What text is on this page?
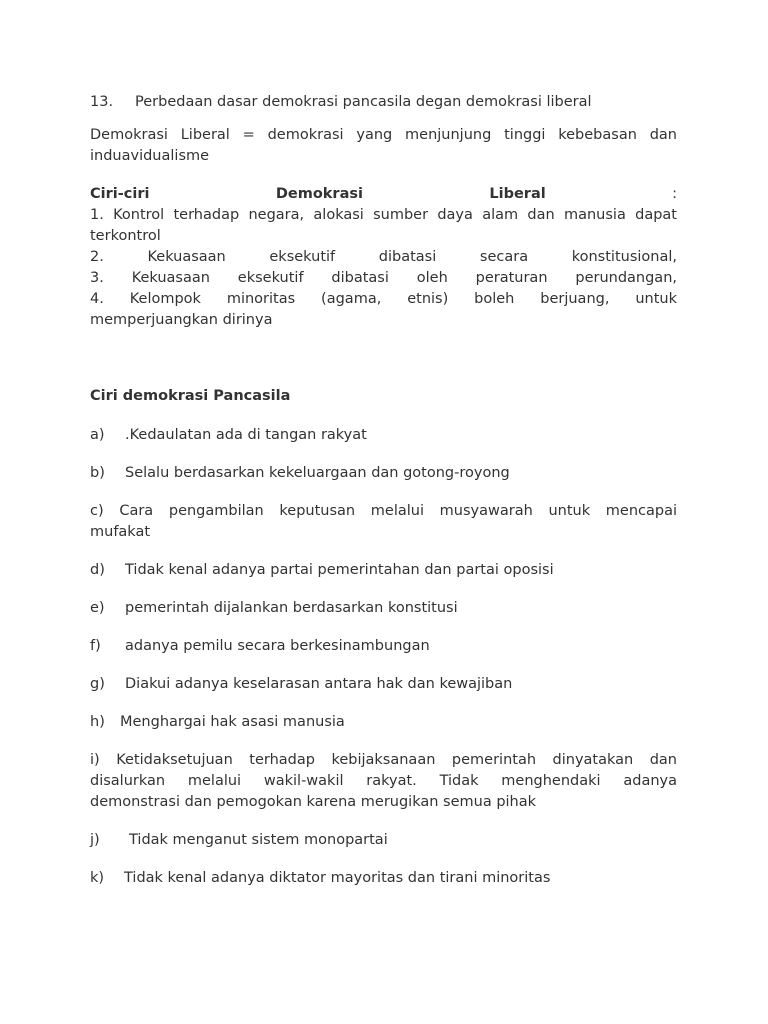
13.	Perbedaan dasar demokrasi pancasila degan demokrasi liberal

Demokrasi Liberal = demokrasi yang menjunjung tinggi kebebasan dan

induavidualisme

Ciri-ciri	Demokrasi	Liberal :

1. Kontrol terhadap negara, alokasi sumber daya alam dan manusia dapat

terkontrol

2. Kekuasaan eksekutif dibatasi secara konstitusional,

3. Kekuasaan eksekutif dibatasi oleh peraturan perundangan,

4. Kelompok minoritas (agama, etnis) boleh berjuang, untuk

memperjuangkan dirinya

Ciri demokrasi Pancasila

a) .Kedaulatan ada di tangan rakyat

b) Selalu berdasarkan kekeluargaan dan gotong-royong

c) Cara pengambilan keputusan melalui musyawarah untuk mencapai

mufakat

d) Tidak kenal adanya partai pemerintahan dan partai oposisi

e) pemerintah dijalankan berdasarkan konstitusi

f) adanya pemilu secara berkesinambungan

g) Diakui adanya keselarasan antara hak dan kewajiban

h) Menghargai hak asasi manusia

i) Ketidaksetujuan terhadap kebijaksanaan pemerintah dinyatakan dan

disalurkan melalui wakil-wakil rakyat. Tidak menghendaki adanya

demonstrasi dan pemogokan karena merugikan semua pihak

j) Tidak menganut sistem monopartai

k) Tidak kenal adanya diktator mayoritas dan tirani minoritas
